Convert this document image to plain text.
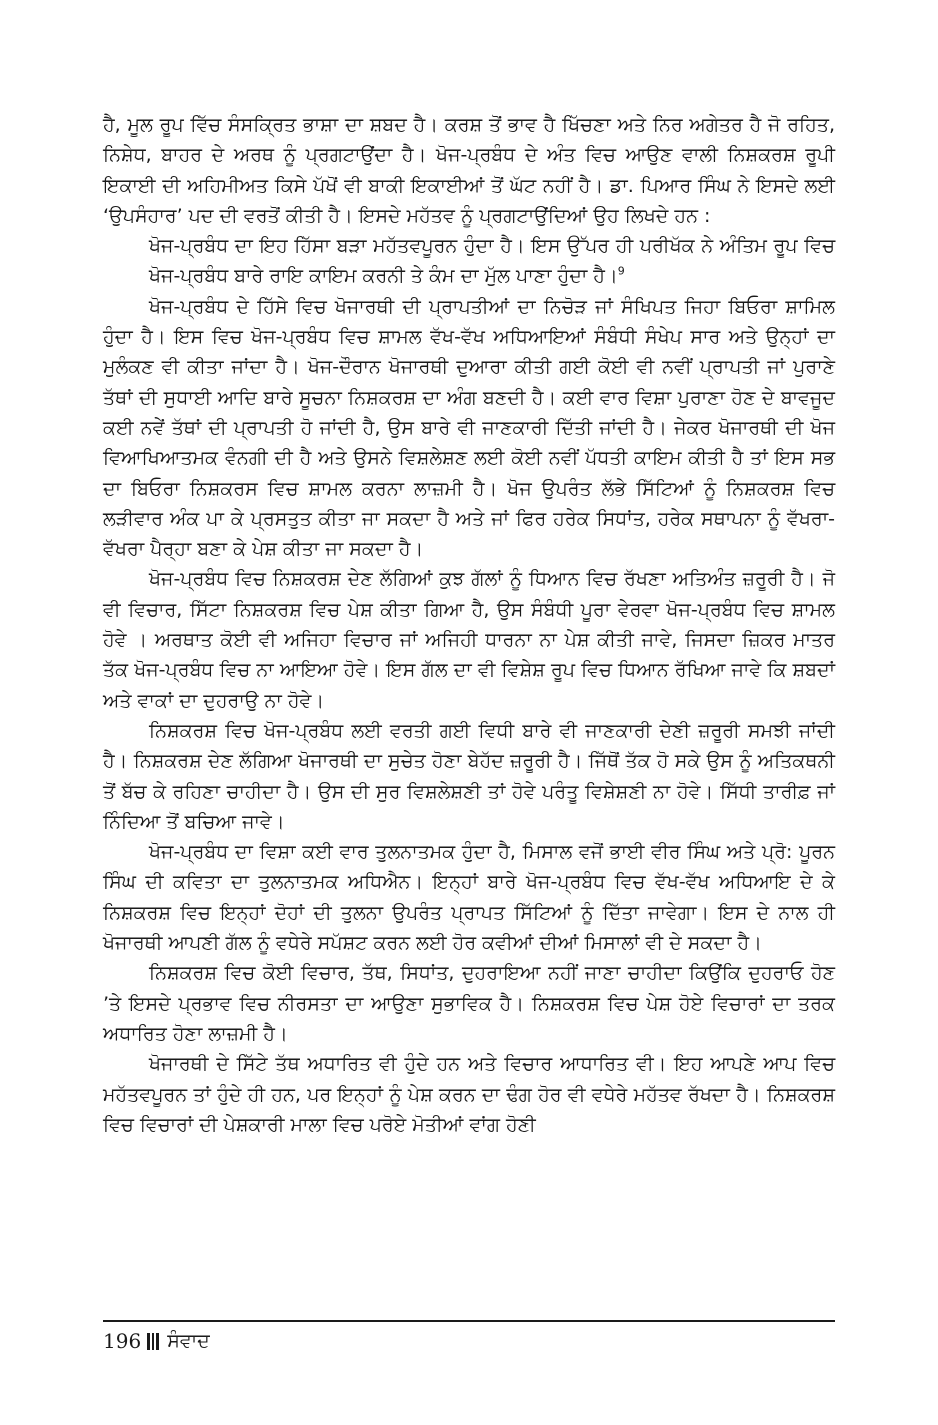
ਹੈ, ਮੂਲ ਰੂਪ ਵਿੱਚ ਸੰਸਕ੍ਰਿਤ ਭਾਸ਼ਾ ਦਾ ਸ਼ਬਦ ਹੈ। ਕਰਸ਼ ਤੋਂ ਭਾਵ ਹੈ ਖਿੱਚਣਾ ਅਤੇ ਨਿਰ ਅਗੇਤਰ ਹੈ ਜੋ ਰਹਿਤ, ਨਿਸ਼ੇਧ, ਬਾਹਰ ਦੇ ਅਰਥ ਨੂੰ ਪ੍ਰਗਟਾਉਂਦਾ ਹੈ। ਖੋਜ-ਪ੍ਰਬੰਧ ਦੇ ਅੰਤ ਵਿਚ ਆਉਣ ਵਾਲੀ ਨਿਸ਼ਕਰਸ਼ ਰੂਪੀ ਇਕਾਈ ਦੀ ਅਹਿਮੀਅਤ ਕਿਸੇ ਪੱਖੋਂ ਵੀ ਬਾਕੀ ਇਕਾਈਆਂ ਤੋਂ ਘੱਟ ਨਹੀਂ ਹੈ। ਡਾ. ਪਿਆਰ ਸਿੰਘ ਨੇ ਇਸਦੇ ਲਈ ‘ਉਪਸੰਹਾਰ’ ਪਦ ਦੀ ਵਰਤੋਂ ਕੀਤੀ ਹੈ। ਇਸਦੇ ਮਹੱਤਵ ਨੂੰ ਪ੍ਰਗਟਾਉਂਦਿਆਂ ਉਹ ਲਿਖਦੇ ਹਨ :

ਖੋਜ-ਪ੍ਰਬੰਧ ਦਾ ਇਹ ਹਿੱਸਾ ਬੜਾ ਮਹੱਤਵਪੂਰਨ ਹੁੰਦਾ ਹੈ। ਇਸ ਉੱਪਰ ਹੀ ਪਰੀਖੱਕ ਨੇ ਅੰਤਿਮ ਰੂਪ ਵਿਚ ਖੋਜ-ਪ੍ਰਬੰਧ ਬਾਰੇ ਰਾਇ ਕਾਇਮ ਕਰਨੀ ਤੇ ਕੰਮ ਦਾ ਮੁੱਲ ਪਾਣਾ ਹੁੰਦਾ ਹੈ।$^9$

ਖੋਜ-ਪ੍ਰਬੰਧ ਦੇ ਹਿੱਸੇ ਵਿਚ ਖੋਜਾਰਥੀ ਦੀ ਪ੍ਰਾਪਤੀਆਂ ਦਾ ਨਿਚੋੜ ਜਾਂ ਸੰਖਿਪਤ ਜਿਹਾ ਬਿਓਰਾ ਸ਼ਾਮਿਲ ਹੁੰਦਾ ਹੈ। ਇਸ ਵਿਚ ਖੋਜ-ਪ੍ਰਬੰਧ ਵਿਚ ਸ਼ਾਮਲ ਵੱਖ-ਵੱਖ ਅਧਿਆਇਆਂ ਸੰਬੰਧੀ ਸੰਖੇਪ ਸਾਰ ਅਤੇ ਉਨ੍ਹਾਂ ਦਾ ਮੁਲੰਕਣ ਵੀ ਕੀਤਾ ਜਾਂਦਾ ਹੈ। ਖੋਜ-ਦੌਰਾਨ ਖੋਜਾਰਥੀ ਦੁਆਰਾ ਕੀਤੀ ਗਈ ਕੋਈ ਵੀ ਨਵੀਂ ਪ੍ਰਾਪਤੀ ਜਾਂ ਪੁਰਾਣੇ ਤੱਥਾਂ ਦੀ ਸੁਧਾਈ ਆਦਿ ਬਾਰੇ ਸੂਚਨਾ ਨਿਸ਼ਕਰਸ਼ ਦਾ ਅੰਗ ਬਣਦੀ ਹੈ। ਕਈ ਵਾਰ ਵਿਸ਼ਾ ਪੁਰਾਣਾ ਹੋਣ ਦੇ ਬਾਵਜੂਦ ਕਈ ਨਵੇਂ ਤੱਥਾਂ ਦੀ ਪ੍ਰਾਪਤੀ ਹੋ ਜਾਂਦੀ ਹੈ, ਉਸ ਬਾਰੇ ਵੀ ਜਾਣਕਾਰੀ ਦਿੱਤੀ ਜਾਂਦੀ ਹੈ। ਜੇਕਰ ਖੋਜਾਰਥੀ ਦੀ ਖੋਜ ਵਿਆਖਿਆਤਮਕ ਵੰਨਗੀ ਦੀ ਹੈ ਅਤੇ ਉਸਨੇ ਵਿਸ਼ਲੇਸ਼ਣ ਲਈ ਕੋਈ ਨਵੀਂ ਪੱਧਤੀ ਕਾਇਮ ਕੀਤੀ ਹੈ ਤਾਂ ਇਸ ਸਭ ਦਾ ਬਿਓਰਾ ਨਿਸ਼ਕਰਸ ਵਿਚ ਸ਼ਾਮਲ ਕਰਨਾ ਲਾਜ਼ਮੀ ਹੈ। ਖੋਜ ਉਪਰੰਤ ਲੱਭੇ ਸਿੱਟਿਆਂ ਨੂੰ ਨਿਸ਼ਕਰਸ਼ ਵਿਚ ਲੜੀਵਾਰ ਅੰਕ ਪਾ ਕੇ ਪ੍ਰਸਤੁਤ ਕੀਤਾ ਜਾ ਸਕਦਾ ਹੈ ਅਤੇ ਜਾਂ ਫਿਰ ਹਰੇਕ ਸਿਧਾਂਤ, ਹਰੇਕ ਸਥਾਪਨਾ ਨੂੰ ਵੱਖਰਾ-ਵੱਖਰਾ ਪੈਰ੍ਹਾ ਬਣਾ ਕੇ ਪੇਸ਼ ਕੀਤਾ ਜਾ ਸਕਦਾ ਹੈ।

ਖੋਜ-ਪ੍ਰਬੰਧ ਵਿਚ ਨਿਸ਼ਕਰਸ਼ ਦੇਣ ਲੱਗਿਆਂ ਕੁਝ ਗੱਲਾਂ ਨੂੰ ਧਿਆਨ ਵਿਚ ਰੱਖਣਾ ਅਤਿਅੰਤ ਜ਼ਰੂਰੀ ਹੈ। ਜੋ ਵੀ ਵਿਚਾਰ, ਸਿੱਟਾ ਨਿਸ਼ਕਰਸ਼ ਵਿਚ ਪੇਸ਼ ਕੀਤਾ ਗਿਆ ਹੈ, ਉਸ ਸੰਬੰਧੀ ਪੂਰਾ ਵੇਰਵਾ ਖੋਜ-ਪ੍ਰਬੰਧ ਵਿਚ ਸ਼ਾਮਲ ਹੋਵੇ । ਅਰਥਾਤ ਕੋਈ ਵੀ ਅਜਿਹਾ ਵਿਚਾਰ ਜਾਂ ਅਜਿਹੀ ਧਾਰਨਾ ਨਾ ਪੇਸ਼ ਕੀਤੀ ਜਾਵੇ, ਜਿਸਦਾ ਜ਼ਿਕਰ ਮਾਤਰ ਤੱਕ ਖੋਜ-ਪ੍ਰਬੰਧ ਵਿਚ ਨਾ ਆਇਆ ਹੋਵੇ। ਇਸ ਗੱਲ ਦਾ ਵੀ ਵਿਸ਼ੇਸ਼ ਰੂਪ ਵਿਚ ਧਿਆਨ ਰੱਖਿਆ ਜਾਵੇ ਕਿ ਸ਼ਬਦਾਂ ਅਤੇ ਵਾਕਾਂ ਦਾ ਦੁਹਰਾਉ ਨਾ ਹੋਵੇ।

ਨਿਸ਼ਕਰਸ਼ ਵਿਚ ਖੋਜ-ਪ੍ਰਬੰਧ ਲਈ ਵਰਤੀ ਗਈ ਵਿਧੀ ਬਾਰੇ ਵੀ ਜਾਣਕਾਰੀ ਦੇਣੀ ਜ਼ਰੂਰੀ ਸਮਝੀ ਜਾਂਦੀ ਹੈ। ਨਿਸ਼ਕਰਸ਼ ਦੇਣ ਲੱਗਿਆ ਖੋਜਾਰਥੀ ਦਾ ਸੁਚੇਤ ਹੋਣਾ ਬੇਹੱਦ ਜ਼ਰੂਰੀ ਹੈ। ਜਿੱਥੋਂ ਤੱਕ ਹੋ ਸਕੇ ਉਸ ਨੂੰ ਅਤਿਕਥਨੀ ਤੋਂ ਬੱਚ ਕੇ ਰਹਿਣਾ ਚਾਹੀਦਾ ਹੈ। ਉਸ ਦੀ ਸੁਰ ਵਿਸ਼ਲੇਸ਼ਣੀ ਤਾਂ ਹੋਵੇ ਪਰੰਤੂ ਵਿਸ਼ੇਸ਼ਣੀ ਨਾ ਹੋਵੇ। ਸਿੱਧੀ ਤਾਰੀਫ਼ ਜਾਂ ਨਿੰਦਿਆ ਤੋਂ ਬਚਿਆ ਜਾਵੇ।

ਖੋਜ-ਪ੍ਰਬੰਧ ਦਾ ਵਿਸ਼ਾ ਕਈ ਵਾਰ ਤੁਲਨਾਤਮਕ ਹੁੰਦਾ ਹੈ, ਮਿਸਾਲ ਵਜੋਂ ਭਾਈ ਵੀਰ ਸਿੰਘ ਅਤੇ ਪ੍ਰੋ: ਪੂਰਨ ਸਿੰਘ ਦੀ ਕਵਿਤਾ ਦਾ ਤੁਲਨਾਤਮਕ ਅਧਿਐਨ। ਇਨ੍ਹਾਂ ਬਾਰੇ ਖੋਜ-ਪ੍ਰਬੰਧ ਵਿਚ ਵੱਖ-ਵੱਖ ਅਧਿਆਇ ਦੇ ਕੇ ਨਿਸ਼ਕਰਸ਼ ਵਿਚ ਇਨ੍ਹਾਂ ਦੋਹਾਂ ਦੀ ਤੁਲਨਾ ਉਪਰੰਤ ਪ੍ਰਾਪਤ ਸਿੱਟਿਆਂ ਨੂੰ ਦਿੱਤਾ ਜਾਵੇਗਾ। ਇਸ ਦੇ ਨਾਲ ਹੀ ਖੋਜਾਰਥੀ ਆਪਣੀ ਗੱਲ ਨੂੰ ਵਧੇਰੇ ਸਪੱਸ਼ਟ ਕਰਨ ਲਈ ਹੋਰ ਕਵੀਆਂ ਦੀਆਂ ਮਿਸਾਲਾਂ ਵੀ ਦੇ ਸਕਦਾ ਹੈ।

ਨਿਸ਼ਕਰਸ਼ ਵਿਚ ਕੋਈ ਵਿਚਾਰ, ਤੱਥ, ਸਿਧਾਂਤ, ਦੁਹਰਾਇਆ ਨਹੀਂ ਜਾਣਾ ਚਾਹੀਦਾ ਕਿਉਂਕਿ ਦੁਹਰਾਓ ਹੋਣ ’ਤੇ ਇਸਦੇ ਪ੍ਰਭਾਵ ਵਿਚ ਨੀਰਸਤਾ ਦਾ ਆਉਣਾ ਸੁਭਾਵਿਕ ਹੈ। ਨਿਸ਼ਕਰਸ਼ ਵਿਚ ਪੇਸ਼ ਹੋਏ ਵਿਚਾਰਾਂ ਦਾ ਤਰਕ ਅਧਾਰਿਤ ਹੋਣਾ ਲਾਜ਼ਮੀ ਹੈ।

ਖੋਜਾਰਥੀ ਦੇ ਸਿੱਟੇ ਤੱਥ ਅਧਾਰਿਤ ਵੀ ਹੁੰਦੇ ਹਨ ਅਤੇ ਵਿਚਾਰ ਆਧਾਰਿਤ ਵੀ। ਇਹ ਆਪਣੇ ਆਪ ਵਿਚ ਮਹੱਤਵਪੂਰਨ ਤਾਂ ਹੁੰਦੇ ਹੀ ਹਨ, ਪਰ ਇਨ੍ਹਾਂ ਨੂੰ ਪੇਸ਼ ਕਰਨ ਦਾ ਢੰਗ ਹੋਰ ਵੀ ਵਧੇਰੇ ਮਹੱਤਵ ਰੱਖਦਾ ਹੈ। ਨਿਸ਼ਕਰਸ਼ ਵਿਚ ਵਿਚਾਰਾਂ ਦੀ ਪੇਸ਼ਕਾਰੀ ਮਾਲਾ ਵਿਚ ਪਰੋਏ ਮੋਤੀਆਂ ਵਾਂਗ ਹੋਣੀ

196 ਸੰਵਾਦ
